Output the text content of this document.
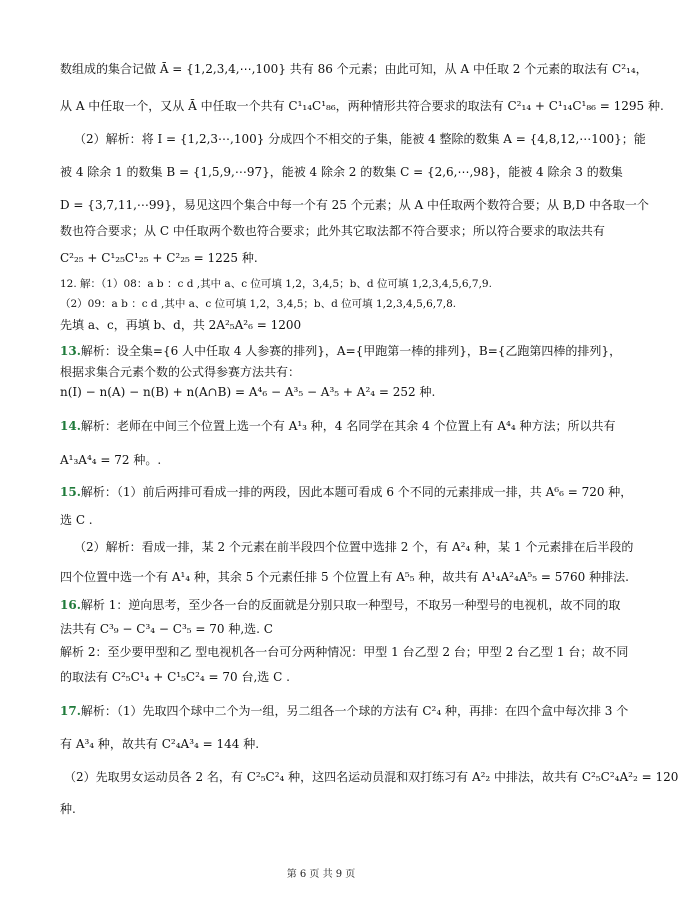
数组成的集合记做 Ā = {1,2,3,4,⋯,100} 共有 86 个元素；由此可知，从 A 中任取 2 个元素的取法有 C²₁₄，
从 A 中任取一个，又从 Ā 中任取一个共有 C¹₁₄C¹₈₆，两种情形共符合要求的取法有 C²₁₄ + C¹₁₄C¹₈₆ = 1295 种.
（2）解析：将 I = {1,2,3⋯,100} 分成四个不相交的子集，能被 4 整除的数集 A = {4,8,12,⋯100}；能
被 4 除余 1 的数集 B = {1,5,9,⋯97}，能被 4 除余 2 的数集 C = {2,6,⋯,98}，能被 4 除余 3 的数集
D = {3,7,11,⋯99}，易见这四个集合中每一个有 25 个元素；从 A 中任取两个数符合要；从 B,D 中各取一个
数也符合要求；从 C 中任取两个数也符合要求；此外其它取法都不符合要求；所以符合要求的取法共有
C²₂₅ + C¹₂₅C¹₂₅ + C²₂₅ = 1225 种.
12. 解：（1）08：a b ：c d ,其中 a、c 位可填 1,2，3,4,5；b、d 位可填 1,2,3,4,5,6,7,9.
（2）09：a b ：c d ,其中 a、c 位可填 1,2，3,4,5；b、d 位可填 1,2,3,4,5,6,7,8.
先填 a、c，再填 b、d，共 2A²₅A²₆ = 1200
13.解析：设全集={6 人中任取 4 人参赛的排列}，A={甲跑第一棒的排列}，B={乙跑第四棒的排列}，
根据求集合元素个数的公式得参赛方法共有：
n(I) − n(A) − n(B) + n(A∩B) = A⁴₆ − A³₅ − A³₅ + A²₄ = 252 种.
14.解析：老师在中间三个位置上选一个有 A¹₃ 种，4 名同学在其余 4 个位置上有 A⁴₄ 种方法；所以共有
A¹₃A⁴₄ = 72 种。.
15.解析：（1）前后两排可看成一排的两段，因此本题可看成 6 个不同的元素排成一排，共 A⁶₆ = 720 种，
选 C .
（2）解析：看成一排，某 2 个元素在前半段四个位置中选排 2 个，有 A²₄ 种，某 1 个元素排在后半段的
四个位置中选一个有 A¹₄ 种，其余 5 个元素任排 5 个位置上有 A⁵₅ 种，故共有 A¹₄A²₄A⁵₅ = 5760 种排法.
16.解析 1：逆向思考，至少各一台的反面就是分别只取一种型号，不取另一种型号的电视机，故不同的取
法共有 C³₉ − C³₄ − C³₅ = 70 种,选. C
解析 2：至少要甲型和乙 型电视机各一台可分两种情况：甲型 1 台乙型 2 台；甲型 2 台乙型 1 台；故不同
的取法有 C²₅C¹₄ + C¹₅C²₄ = 70 台,选 C .
17.解析：（1）先取四个球中二个为一组，另二组各一个球的方法有 C²₄ 种，再排：在四个盒中每次排 3 个
有 A³₄ 种，故共有 C²₄A³₄ = 144 种.
（2）先取男女运动员各 2 名，有 C²₅C²₄ 种，这四名运动员混和双打练习有 A²₂ 中排法，故共有 C²₅C²₄A²₂ = 120
种.
第 6 页 共 9 页
